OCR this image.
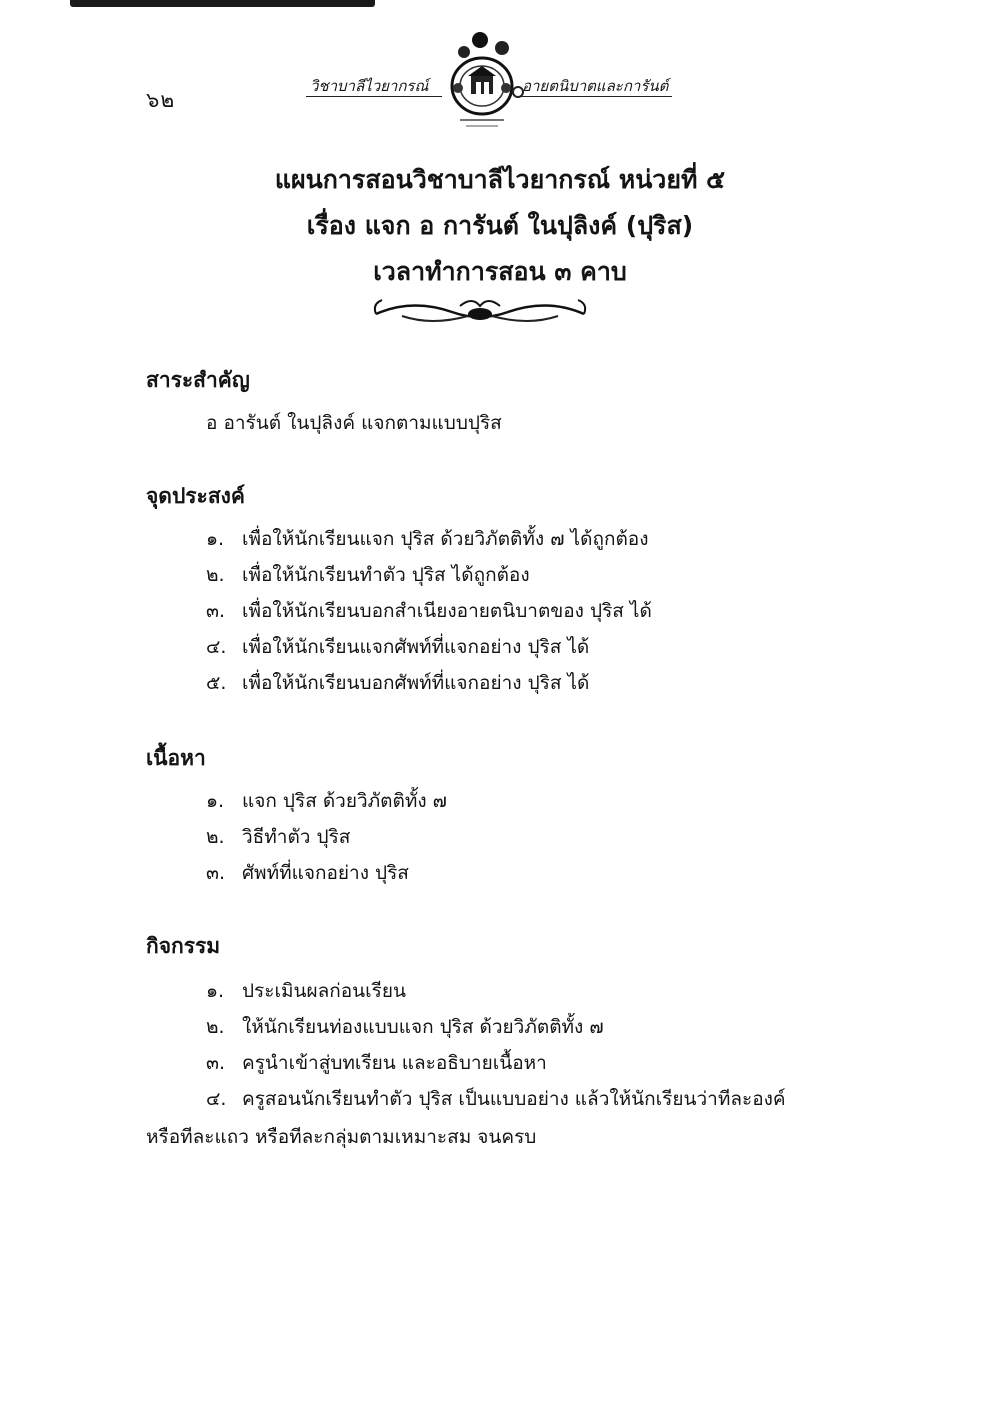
๖๒
วิชาบาลีไวยากรณ์	อายตนิบาตและการันต์
แผนการสอนวิชาบาลีไวยากรณ์ หน่วยที่ ๕
เรื่อง แจก อ การันต์ ในปุลิงค์ (ปุริส)
เวลาทำการสอน ๓ คาบ
สาระสำคัญ
อ อารันต์ ในปุลิงค์ แจกตามแบบปุริส
จุดประสงค์
๑. เพื่อให้นักเรียนแจก ปุริส ด้วยวิภัตติทั้ง ๗ ได้ถูกต้อง
๒. เพื่อให้นักเรียนทำตัว ปุริส ได้ถูกต้อง
๓. เพื่อให้นักเรียนบอกสำเนียงอายตนิบาตของ ปุริส ได้
๔. เพื่อให้นักเรียนแจกศัพท์ที่แจกอย่าง ปุริส ได้
๕. เพื่อให้นักเรียนบอกศัพท์ที่แจกอย่าง ปุริส ได้
เนื้อหา
๑. แจก ปุริส ด้วยวิภัตติทั้ง ๗
๒. วิธีทำตัว ปุริส
๓. ศัพท์ที่แจกอย่าง ปุริส
กิจกรรม
๑. ประเมินผลก่อนเรียน
๒. ให้นักเรียนท่องแบบแจก ปุริส ด้วยวิภัตติทั้ง ๗
๓. ครูนำเข้าสู่บทเรียน และอธิบายเนื้อหา
๔. ครูสอนนักเรียนทำตัว ปุริส เป็นแบบอย่าง แล้วให้นักเรียนว่าทีละองค์
หรือทีละแถว หรือทีละกลุ่มตามเหมาะสม จนครบ
